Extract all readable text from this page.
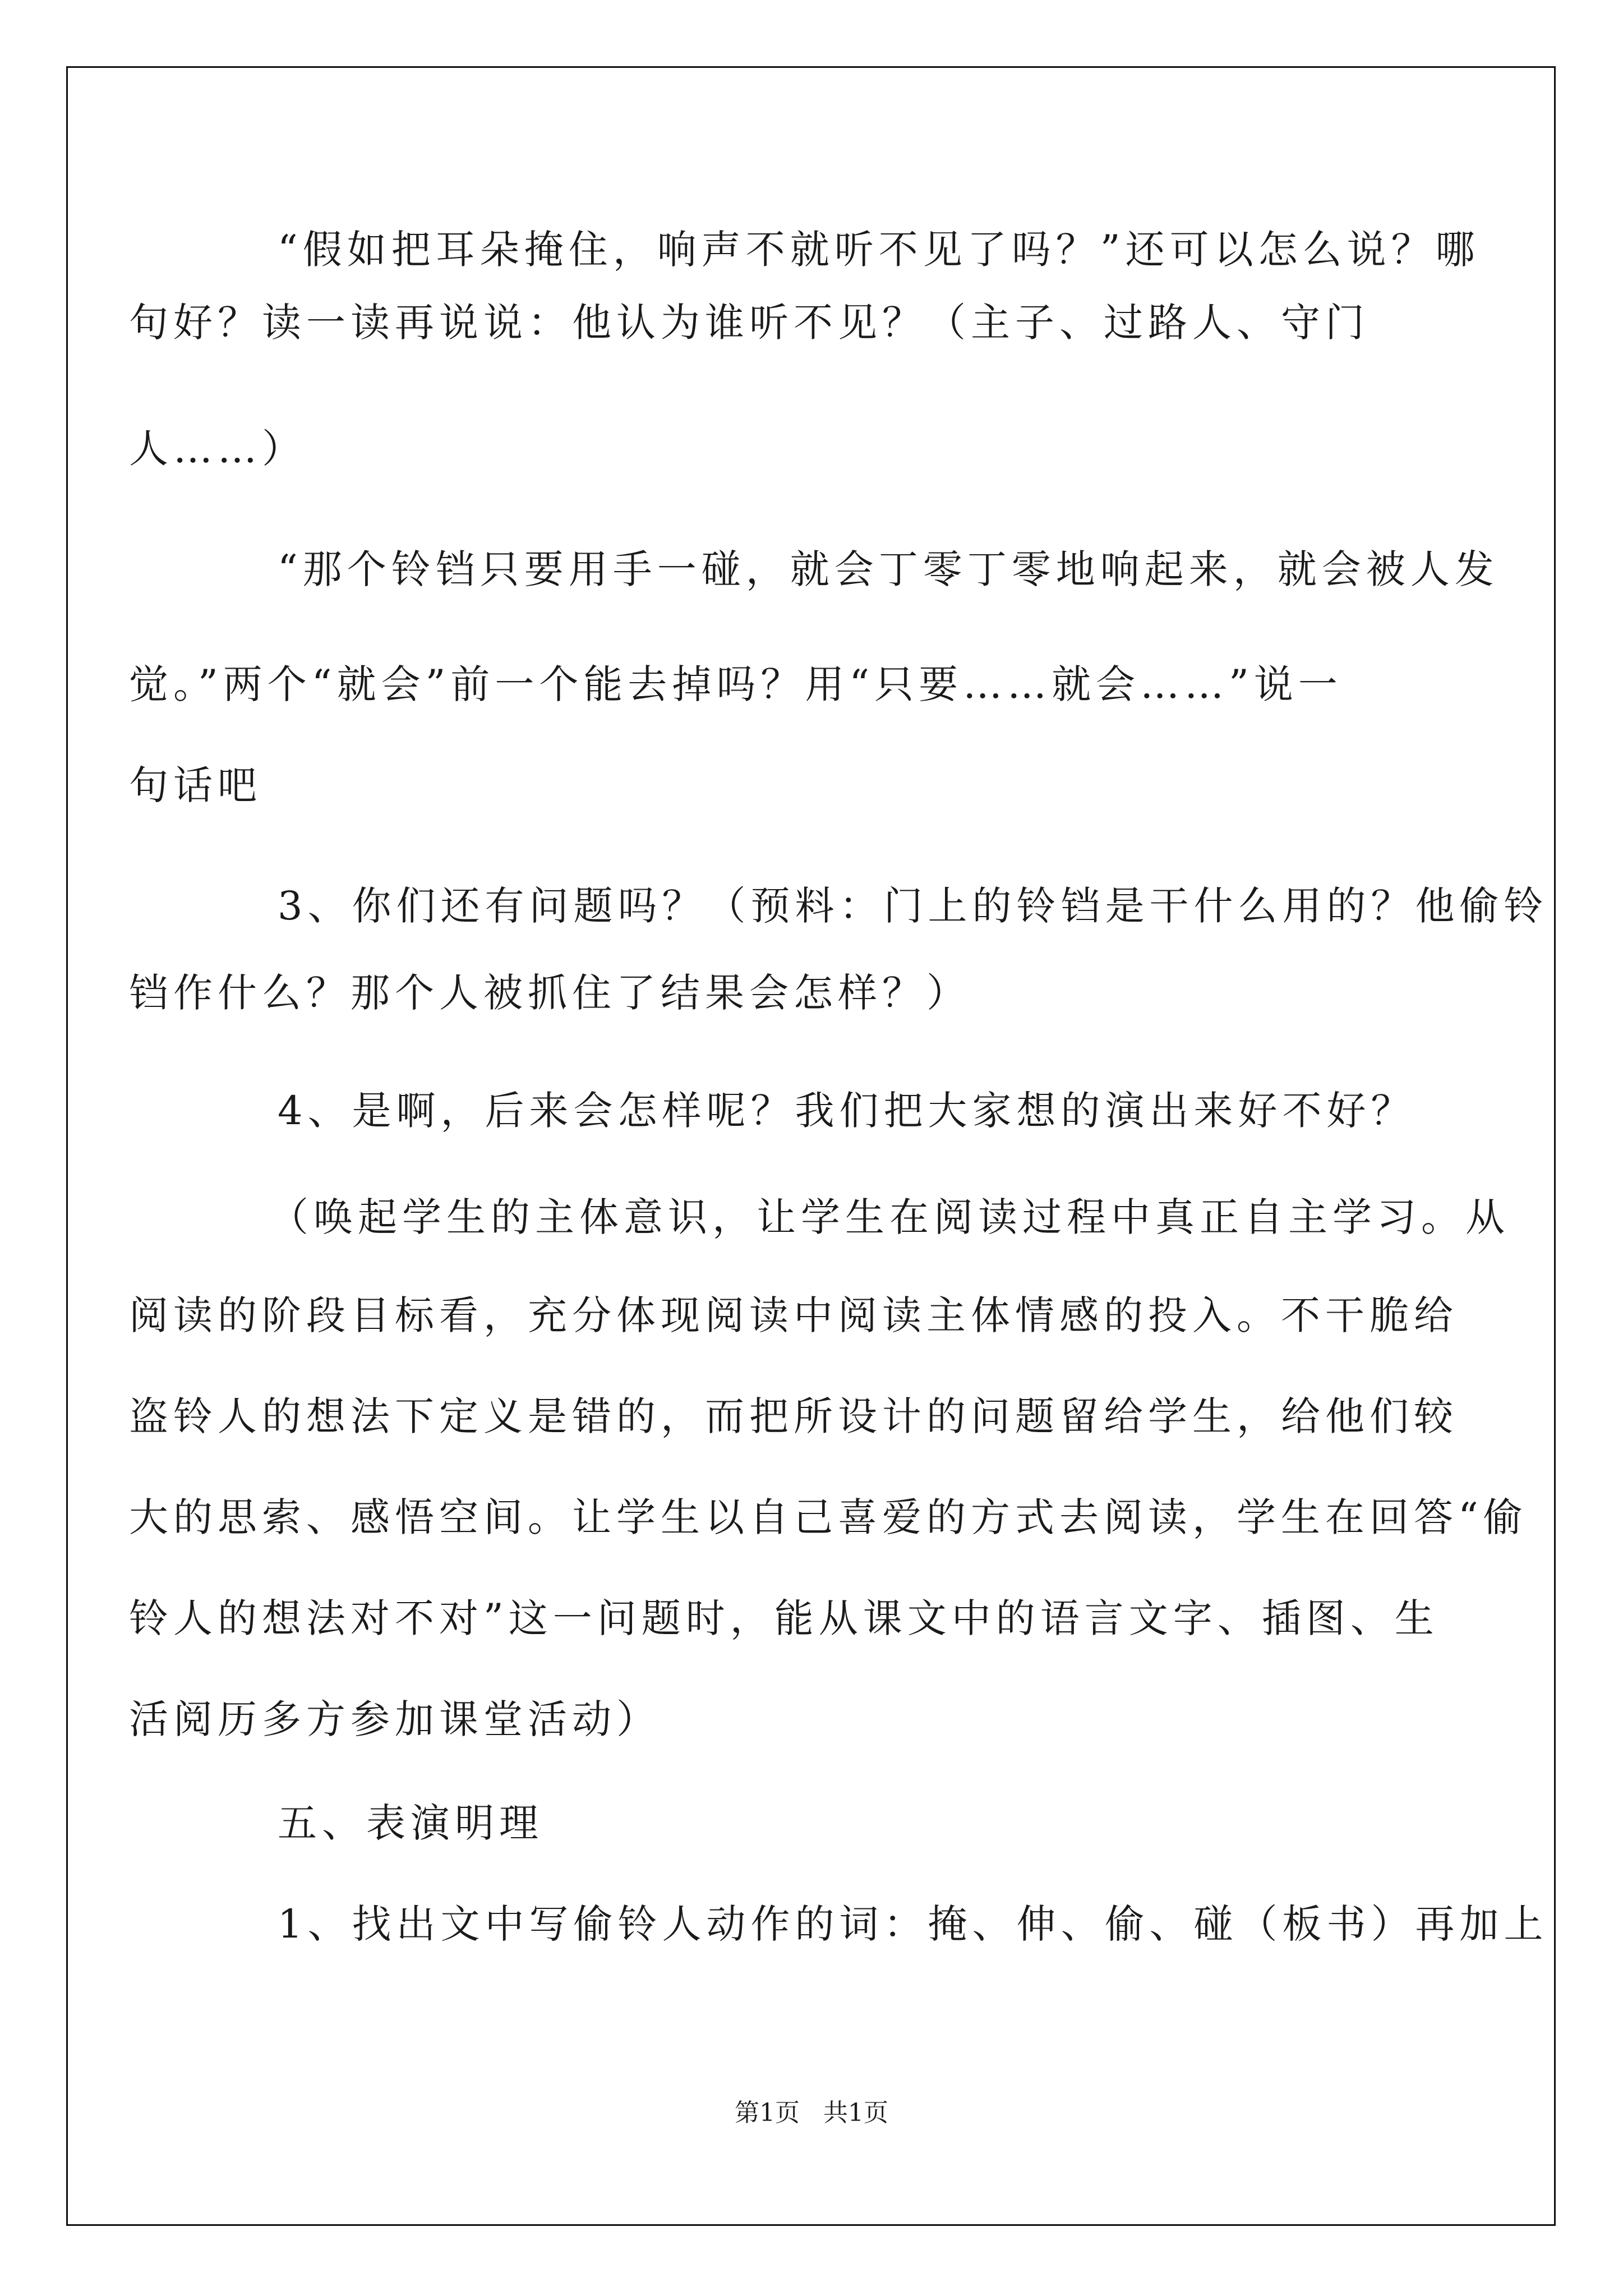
“假如把耳朵掩住，响声不就听不见了吗？”还可以怎么说？哪
句好？读一读再说说：他认为谁听不见？（主子、过路人、守门
人……）
“那个铃铛只要用手一碰，就会丁零丁零地响起来，就会被人发
觉。”两个“就会”前一个能去掉吗？用“只要……就会……”说一
句话吧
3、你们还有问题吗？（预料：门上的铃铛是干什么用的？他偷铃
铛作什么？那个人被抓住了结果会怎样？）
4、是啊，后来会怎样呢？我们把大家想的演出来好不好？
（唤起学生的主体意识，让学生在阅读过程中真正自主学习。从
阅读的阶段目标看，充分体现阅读中阅读主体情感的投入。不干脆给
盗铃人的想法下定义是错的，而把所设计的问题留给学生，给他们较
大的思索、感悟空间。让学生以自己喜爱的方式去阅读，学生在回答“偷
铃人的想法对不对”这一问题时，能从课文中的语言文字、插图、生
活阅历多方参加课堂活动）
五、表演明理
1、找出文中写偷铃人动作的词：掩、伸、偷、碰（板书）再加上
第1页   共1页
